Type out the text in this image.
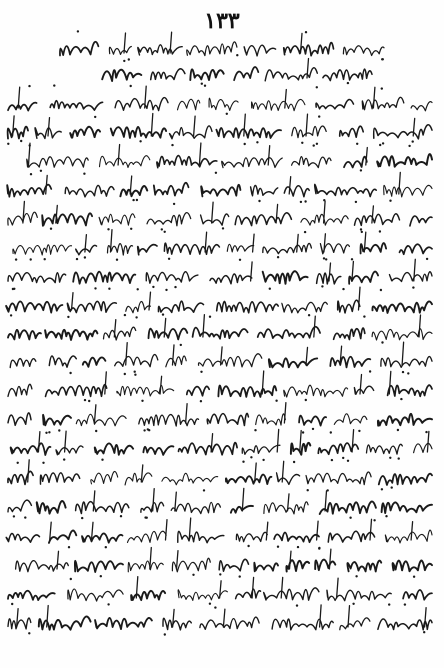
١٣٣
